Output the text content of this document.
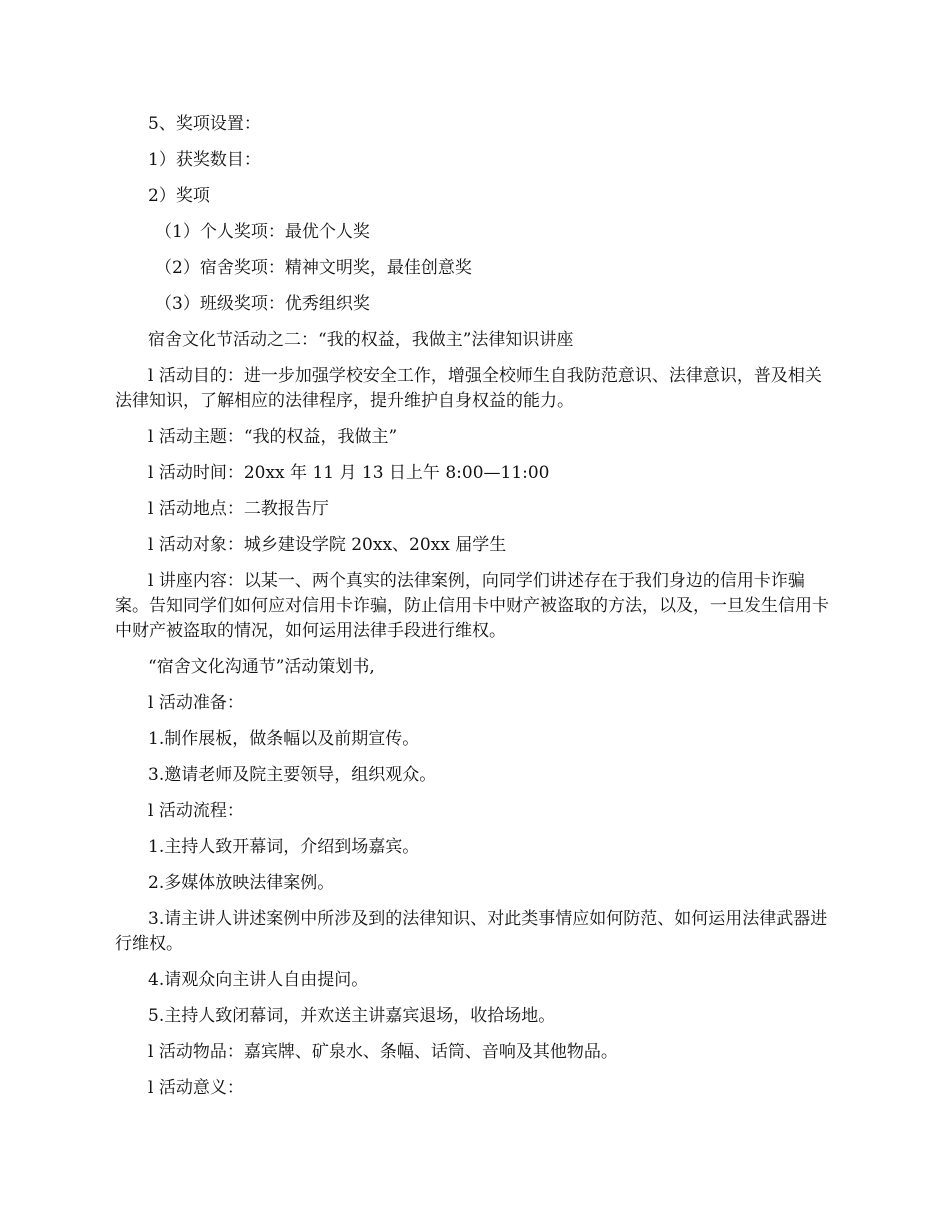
5、奖项设置：

1）获奖数目：

2）奖项

（1）个人奖项：最优个人奖

（2）宿舍奖项：精神文明奖，最佳创意奖

（3）班级奖项：优秀组织奖

宿舍文化节活动之二：“我的权益，我做主”法律知识讲座

l 活动目的：进一步加强学校安全工作，增强全校师生自我防范意识、法律意识，普及相关法律知识，了解相应的法律程序，提升维护自身权益的能力。

l 活动主题：“我的权益，我做主”

l 活动时间：20xx 年 11 月 13 日上午 8:00—11:00

l 活动地点：二教报告厅

l 活动对象：城乡建设学院 20xx、20xx 届学生

l 讲座内容：以某一、两个真实的法律案例，向同学们讲述存在于我们身边的信用卡诈骗案。告知同学们如何应对信用卡诈骗，防止信用卡中财产被盗取的方法，以及，一旦发生信用卡中财产被盗取的情况，如何运用法律手段进行维权。

“宿舍文化沟通节”活动策划书,

l 活动准备：

1.制作展板，做条幅以及前期宣传。

3.邀请老师及院主要领导，组织观众。

l 活动流程：

1.主持人致开幕词，介绍到场嘉宾。

2.多媒体放映法律案例。

3.请主讲人讲述案例中所涉及到的法律知识、对此类事情应如何防范、如何运用法律武器进行维权。

4.请观众向主讲人自由提问。

5.主持人致闭幕词，并欢送主讲嘉宾退场，收拾场地。

l 活动物品：嘉宾牌、矿泉水、条幅、话筒、音响及其他物品。

l 活动意义：
